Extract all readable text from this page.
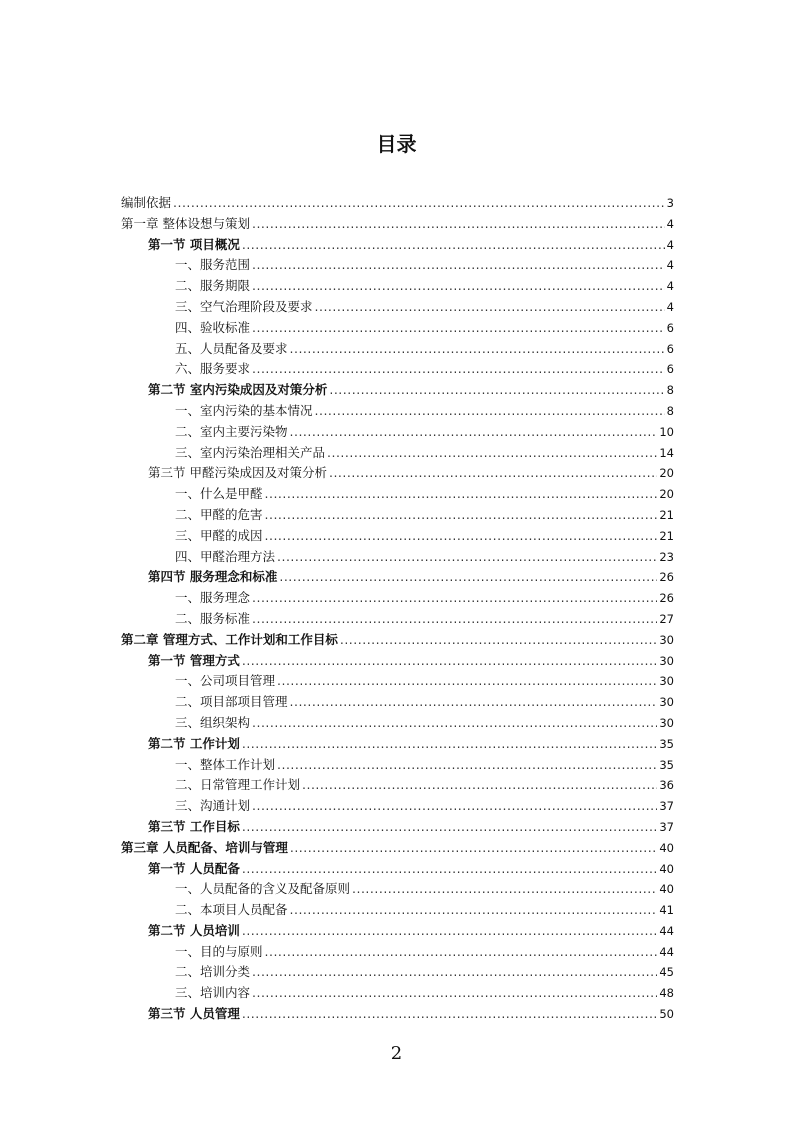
目录
编制依据 .....	3
第一章 整体设想与策划 .....	4
第一节 项目概况 .....	4
一、服务范围 .....	4
二、服务期限 .....	4
三、空气治理阶段及要求 .....	4
四、验收标准 .....	6
五、人员配备及要求 .....	6
六、服务要求 .....	6
第二节 室内污染成因及对策分析 .....	8
一、室内污染的基本情况 .....	8
二、室内主要污染物 .....	10
三、室内污染治理相关产品 .....	14
第三节 甲醛污染成因及对策分析 .....	20
一、什么是甲醛 .....	20
二、甲醛的危害 .....	21
三、甲醛的成因 .....	21
四、甲醛治理方法 .....	23
第四节 服务理念和标准 .....	26
一、服务理念 .....	26
二、服务标准 .....	27
第二章 管理方式、工作计划和工作目标 .....	30
第一节 管理方式 .....	30
一、公司项目管理 .....	30
二、项目部项目管理 .....	30
三、组织架构 .....	30
第二节 工作计划 .....	35
一、整体工作计划 .....	35
二、日常管理工作计划 .....	36
三、沟通计划 .....	37
第三节 工作目标 .....	37
第三章 人员配备、培训与管理 .....	40
第一节 人员配备 .....	40
一、人员配备的含义及配备原则 .....	40
二、本项目人员配备 .....	41
第二节 人员培训 .....	44
一、目的与原则 .....	44
二、培训分类 .....	45
三、培训内容 .....	48
第三节 人员管理 .....	50
2
